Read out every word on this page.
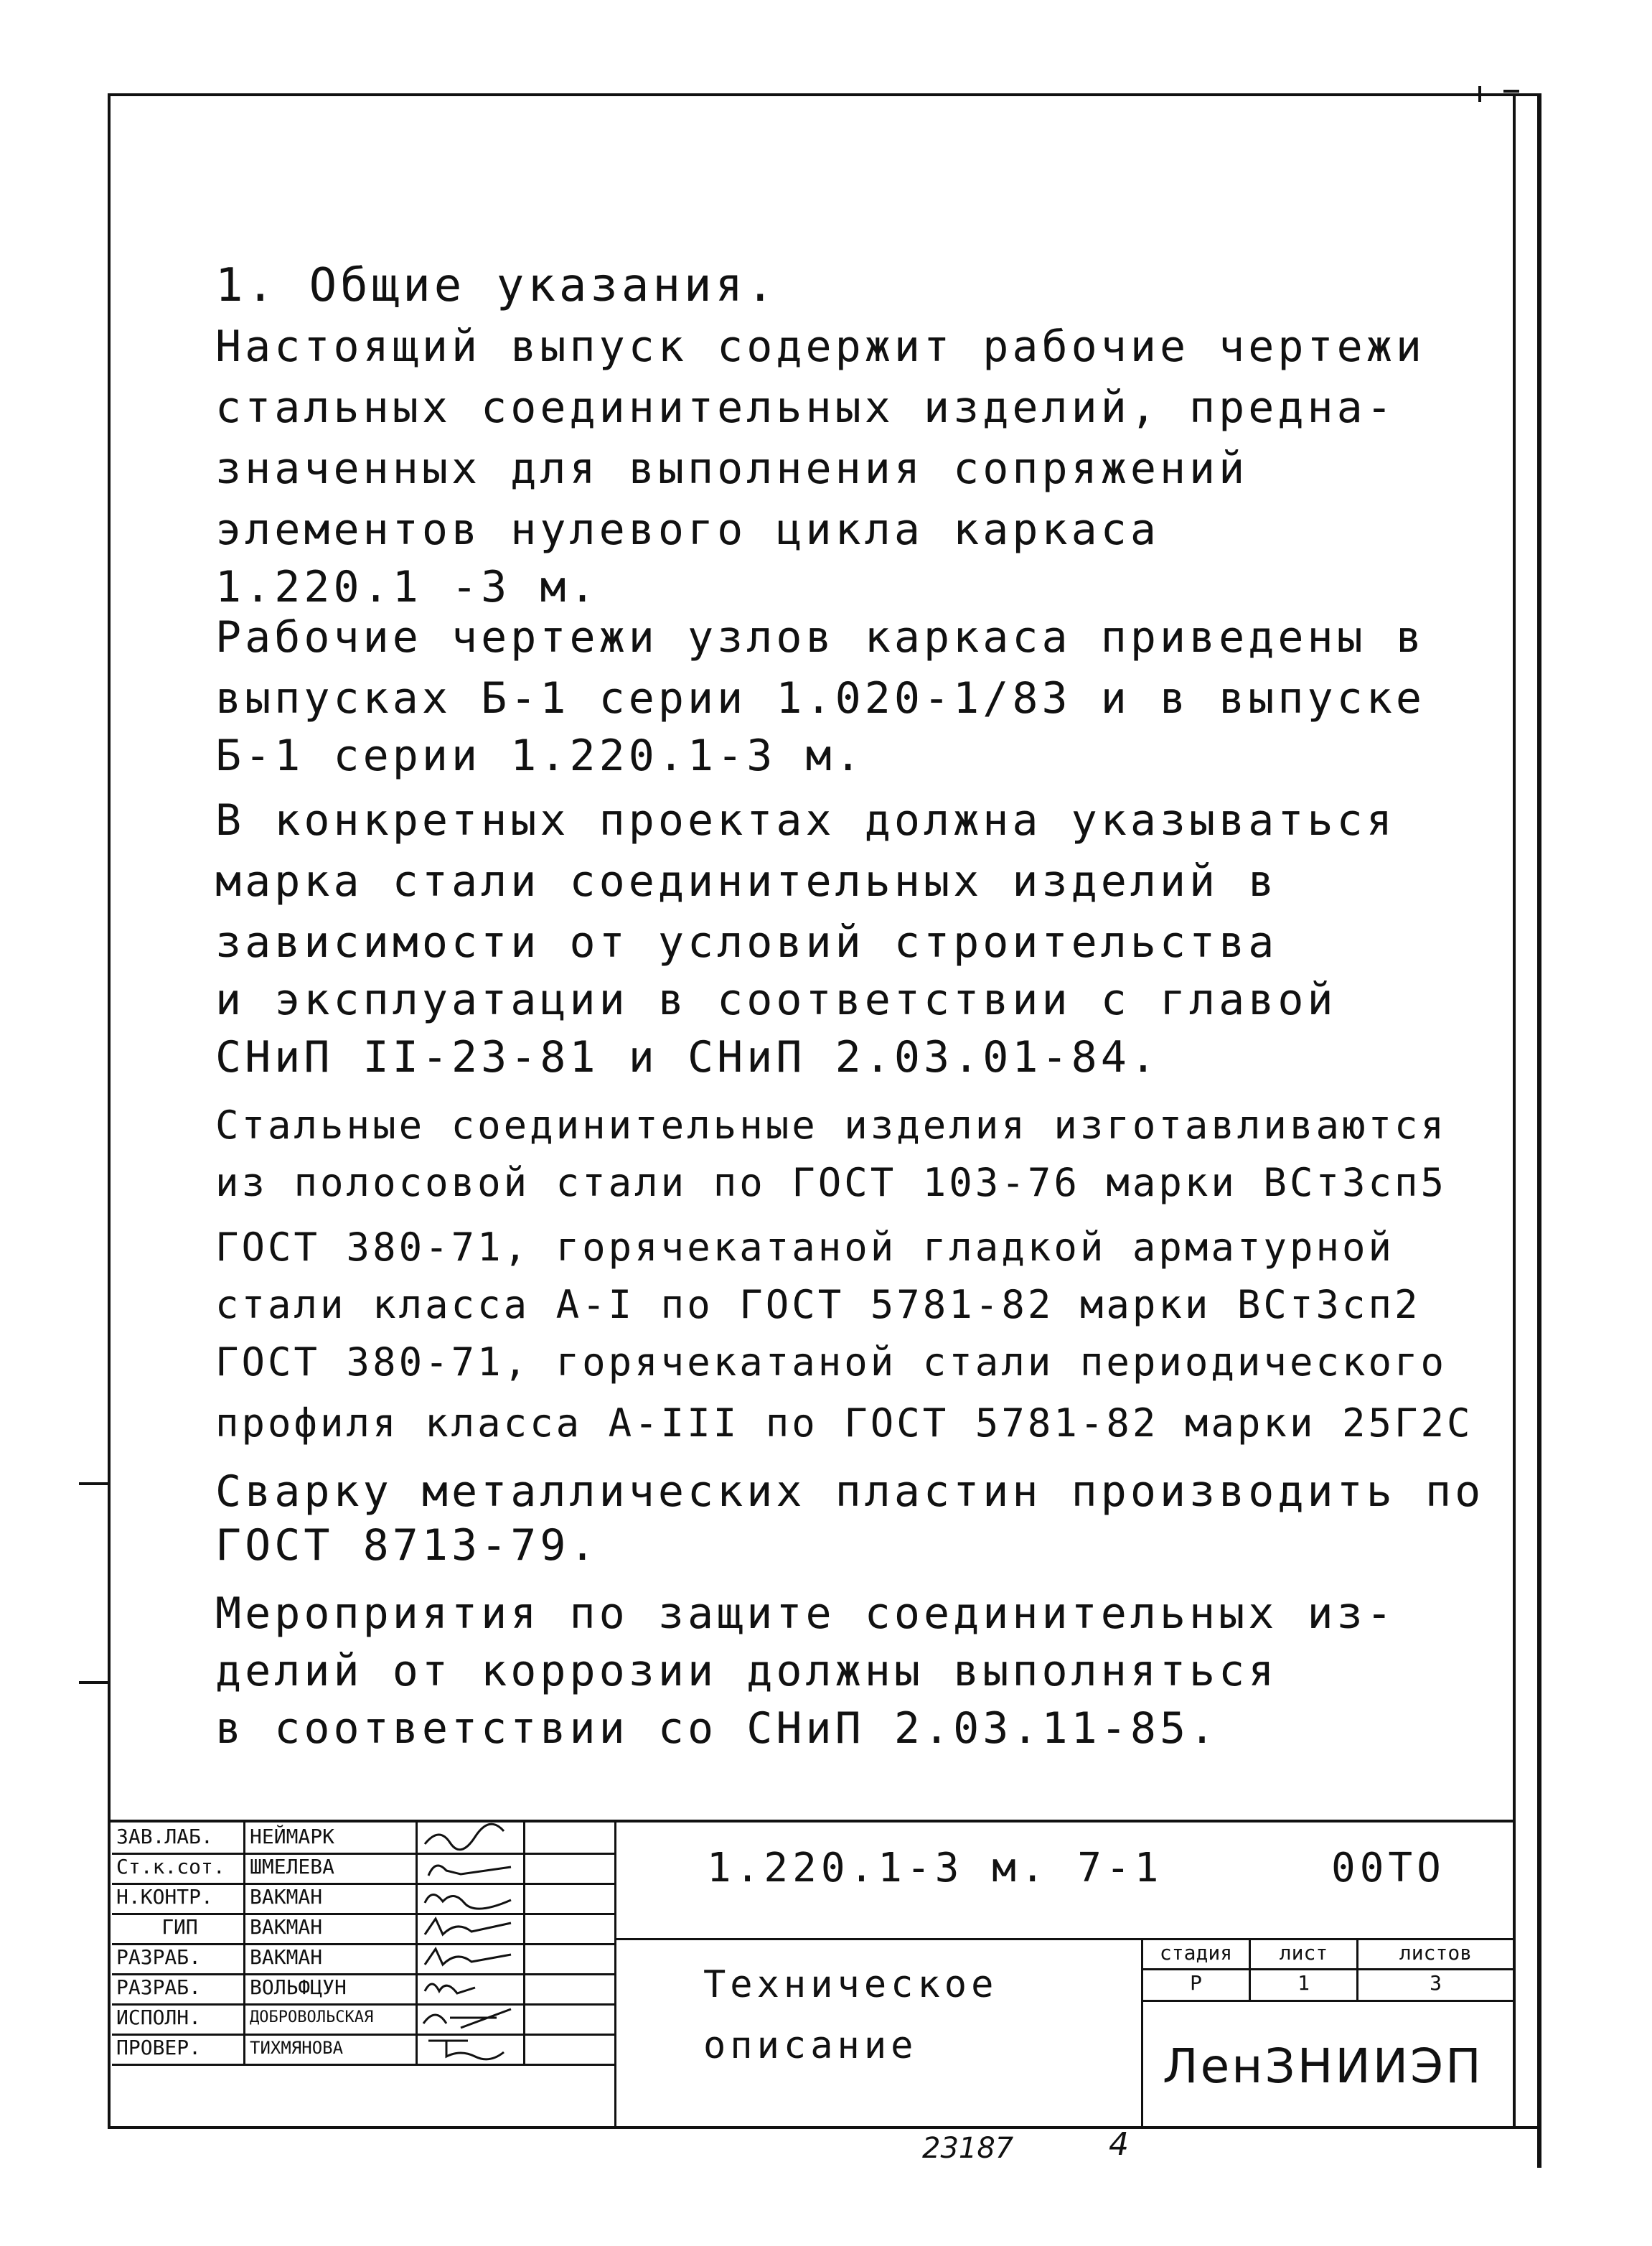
1. Общие указания.
Настоящий выпуск содержит рабочие чертежи
стальных соединительных изделий, предна-
значенных для выполнения сопряжений
элементов нулевого цикла каркаса
1.220.1 -3 м.
Рабочие чертежи узлов каркаса приведены в
выпусках Б-1 серии 1.020-1/83 и в выпуске
Б-1 серии 1.220.1-3 м.
В конкретных проектах должна указываться
марка стали соединительных изделий в
зависимости от условий строительства
и эксплуатации в соответствии с главой
СНиП II-23-81 и СНиП 2.03.01-84.
Стальные соединительные изделия изготавливаются
из полосовой стали по ГОСТ 103-76 марки ВСт3сп5
ГОСТ 380-71, горячекатаной гладкой арматурной
стали класса А-I по ГОСТ 5781-82 марки ВСт3сп2
ГОСТ 380-71, горячекатаной стали периодического
профиля класса А-III по ГОСТ 5781-82 марки 25Г2С
Сварку металлических пластин производить по
ГОСТ 8713-79.
Мероприятия по защите соединительных из-
делий от коррозии должны выполняться
в соответствии со СНиП 2.03.11-85.
ЗАВ.ЛАБ.	НЕЙМАРК
Ст.к.сот.	ШМЕЛЕВА
Н.КОНТР.	ВАКМАН
ГИП	ВАКМАН
РАЗРАБ.	ВАКМАН
РАЗРАБ.	ВОЛЬФЦУН
ИСПОЛН.	ДОБРОВОЛЬСКАЯ
ПРОВЕР.	ТИХМЯНОВА
1.220.1-3 м. 7-1	00ТО
Техническое
описание
стадия	лист	листов
Р	1	3
ЛенЗНИИЭП
23187	4
